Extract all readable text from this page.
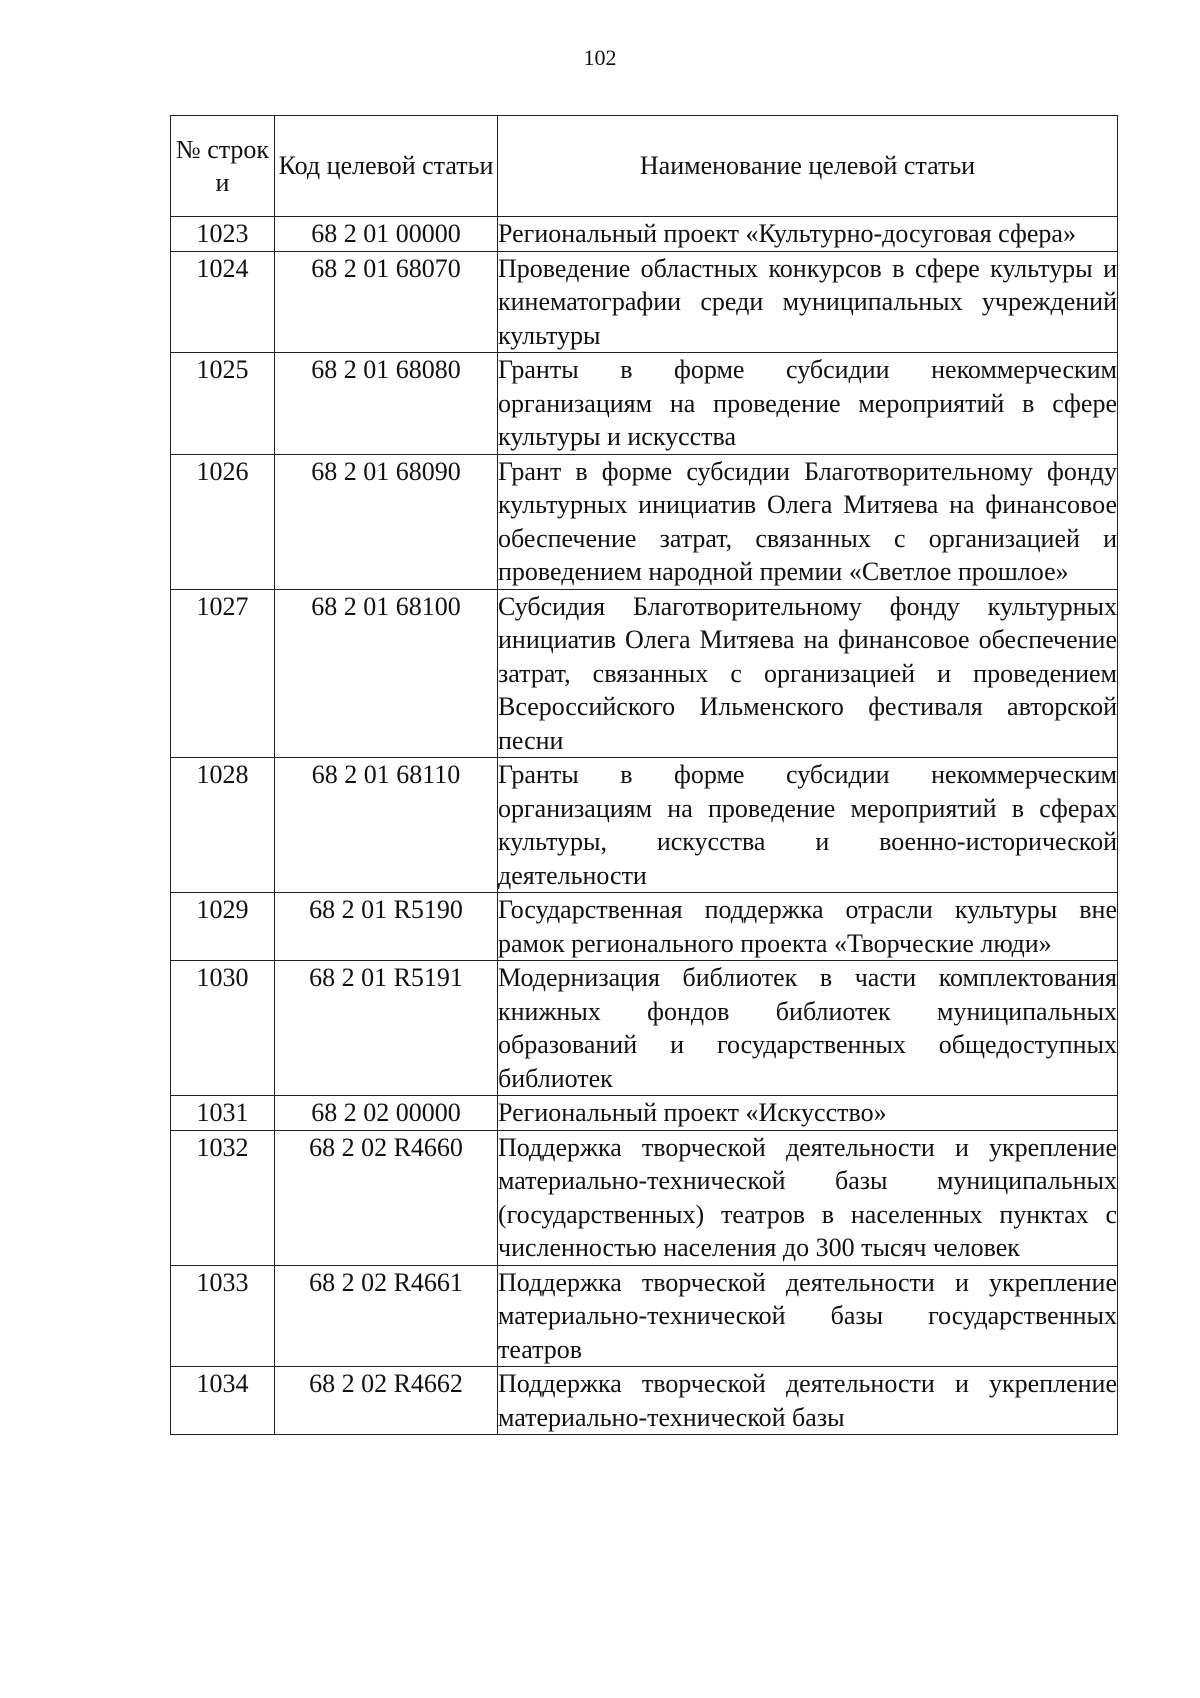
102
№ строк и	Код целевой статьи	Наименование целевой статьи
1023	68 2 01 00000	Региональный проект «Культурно-досуговая сфера»
1024	68 2 01 68070	Проведение областных конкурсов в сфере культуры и кинематографии среди муниципальных учреждений культуры
1025	68 2 01 68080	Гранты в форме субсидии некоммерческим организациям на проведение мероприятий в сфере культуры и искусства
1026	68 2 01 68090	Грант в форме субсидии Благотворительному фонду культурных инициатив Олега Митяева на финансовое обеспечение затрат, связанных с организацией и проведением народной премии «Светлое прошлое»
1027	68 2 01 68100	Субсидия Благотворительному фонду культурных инициатив Олега Митяева на финансовое обеспечение затрат, связанных с организацией и проведением Всероссийского Ильменского фестиваля авторской песни
1028	68 2 01 68110	Гранты в форме субсидии некоммерческим организациям на проведение мероприятий в сферах культуры, искусства и военно-исторической деятельности
1029	68 2 01 R5190	Государственная поддержка отрасли культуры вне рамок регионального проекта «Творческие люди»
1030	68 2 01 R5191	Модернизация библиотек в части комплектования книжных фондов библиотек муниципальных образований и государственных общедоступных библиотек
1031	68 2 02 00000	Региональный проект «Искусство»
1032	68 2 02 R4660	Поддержка творческой деятельности и укрепление материально-технической базы муниципальных (государственных) театров в населенных пунктах с численностью населения до 300 тысяч человек
1033	68 2 02 R4661	Поддержка творческой деятельности и укрепление материально-технической базы государственных театров
1034	68 2 02 R4662	Поддержка творческой деятельности и укрепление материально-технической базы
